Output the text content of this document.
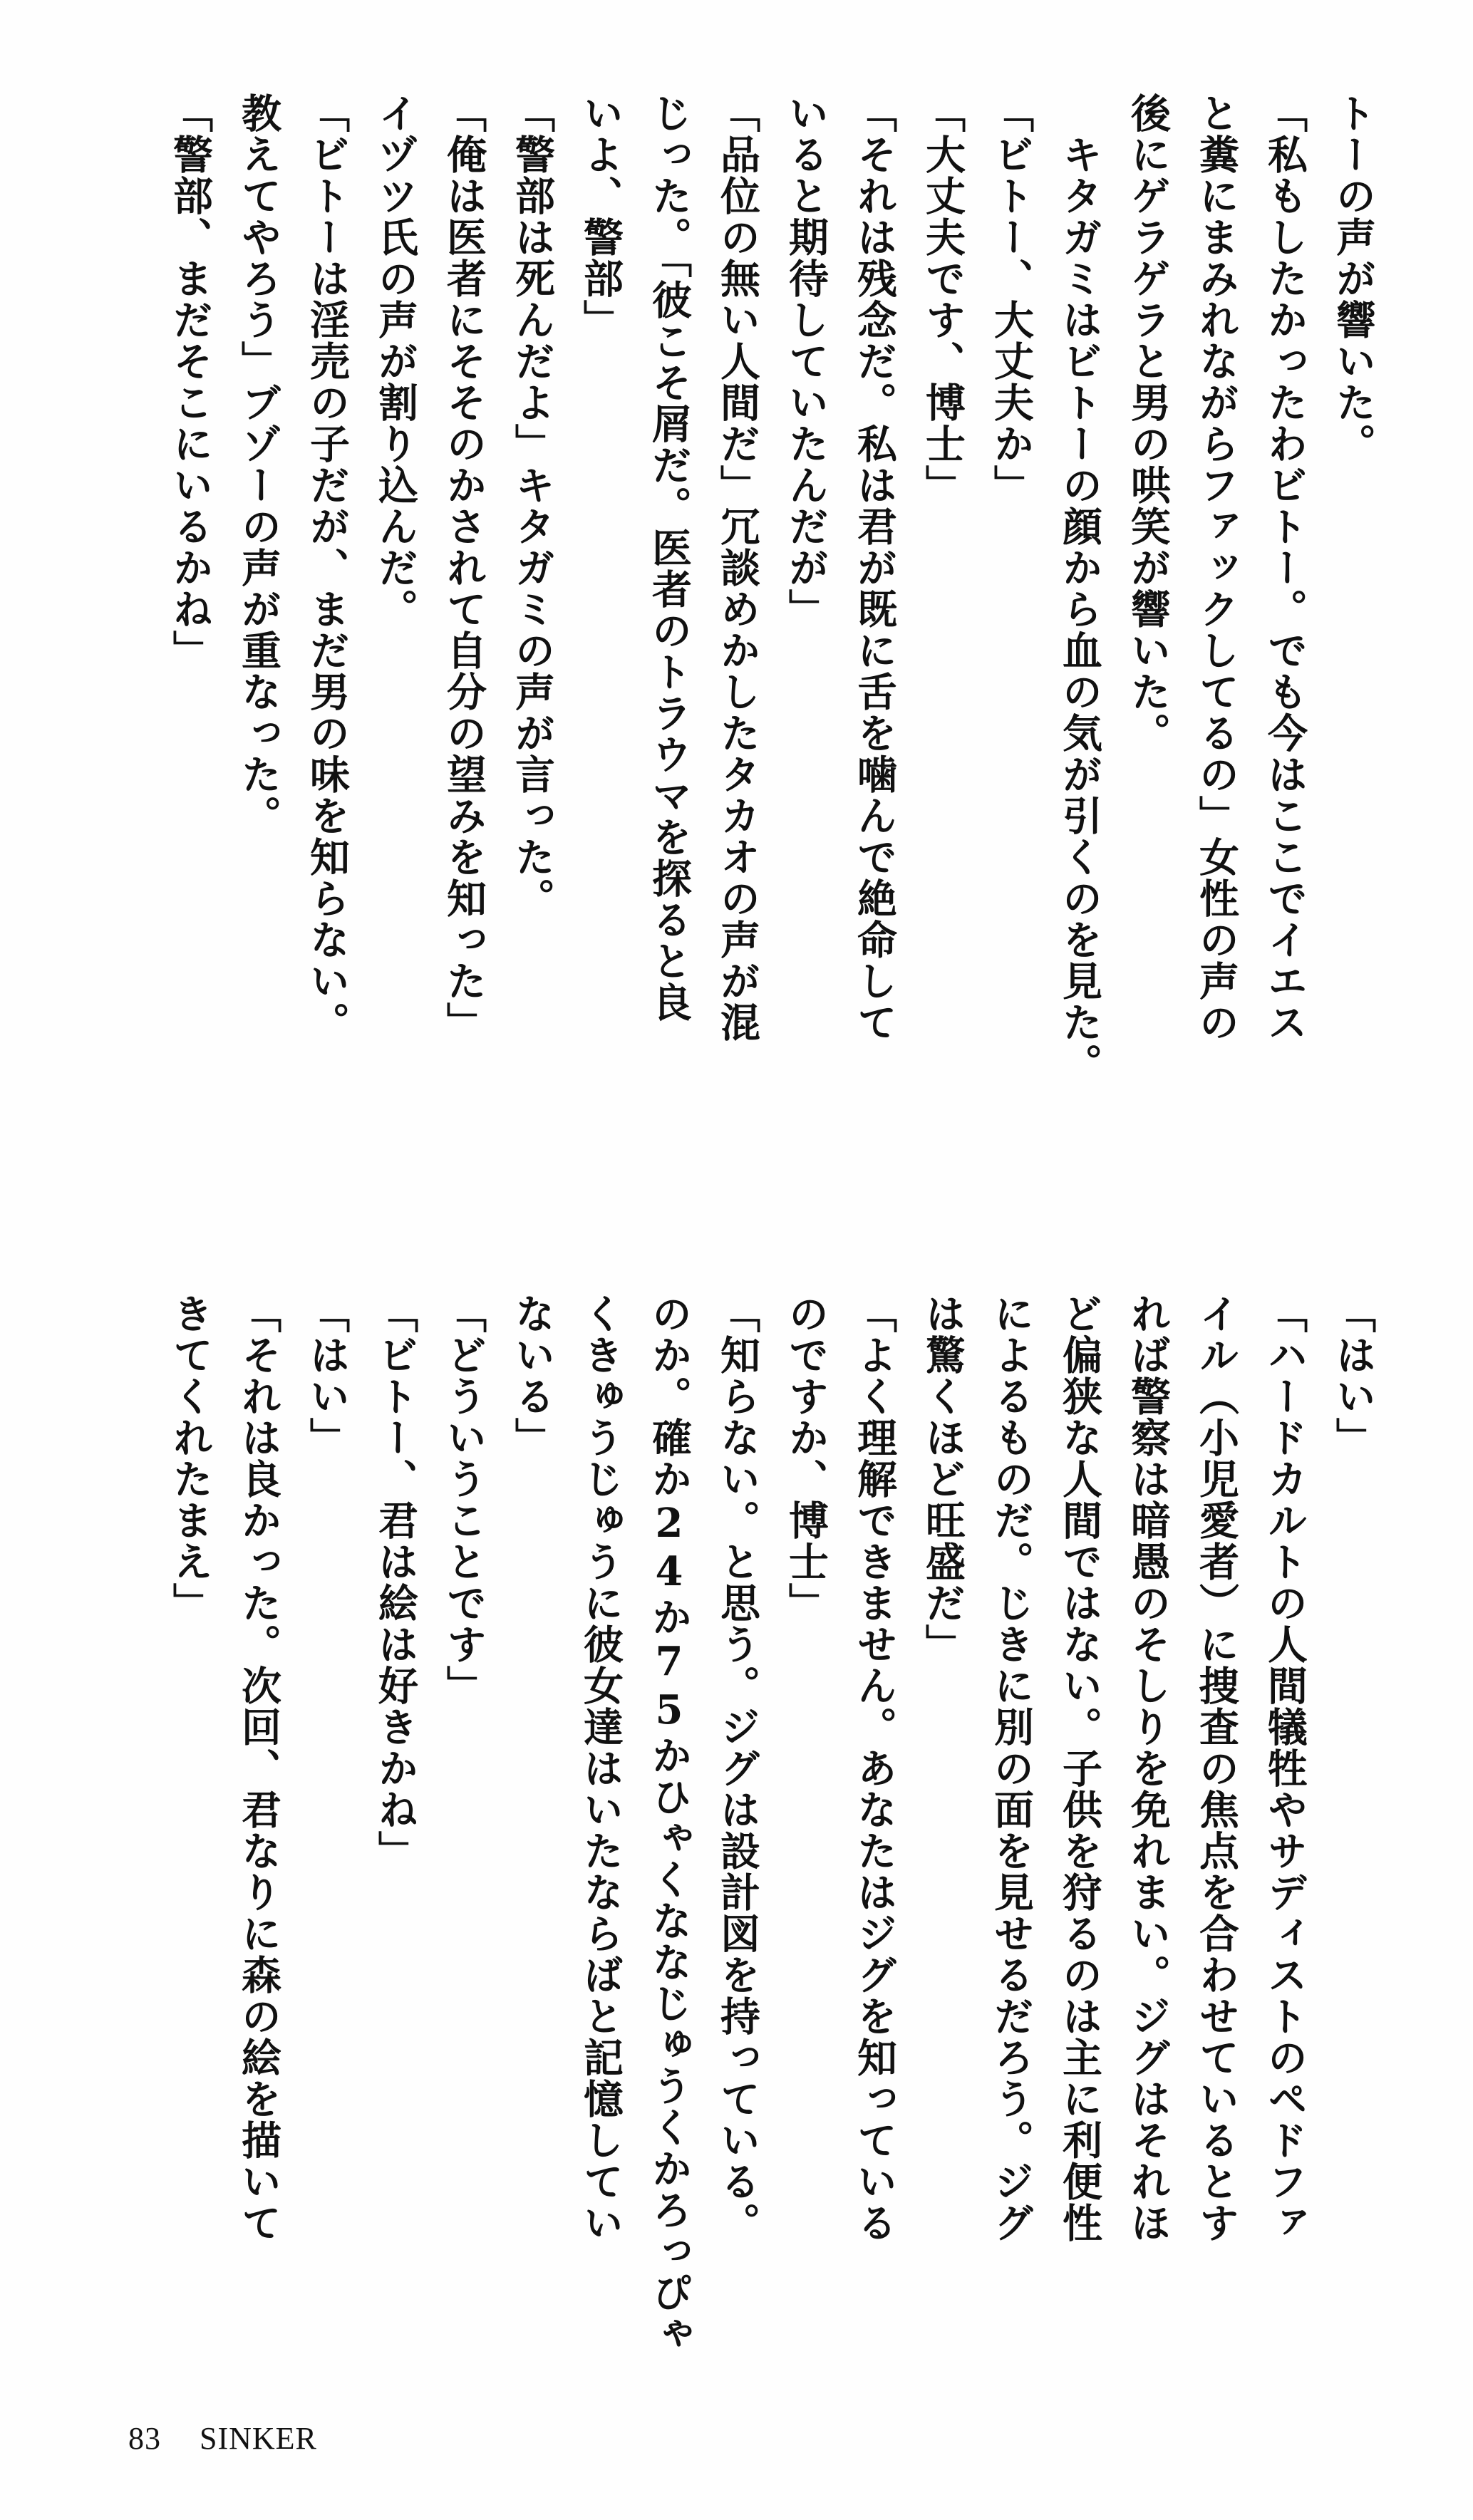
トーの声が響いた。
「私もしたかったわビトー。でも今はここでイエス
と糞にまみれながらファックしてるの」女性の声の
後にゲラゲラと男の哄笑が響いた。
　キタガミはビトーの顔から血の気が引くのを見た。
「ビトー、大丈夫か」
「大丈夫です、博士」
「それは残念だ。私は君が既に舌を噛んで絶命して
いると期待していたんだが」
「品位の無い人間だ」冗談めかしたタカオの声が混
じった。「彼こそ屑だ。医者のトラウマを探ると良
いよ、警部」
「警部は死んだよ」キタガミの声が言った。
「俺は医者にそそのかされて自分の望みを知った」
イヅツ氏の声が割り込んだ。
「ビトーは淫売の子だが、まだ男の味を知らない。
教えてやろう」ブゾーの声が重なった。
「警部、まだそこにいるかね」
「はい」
「ハードカルトの人間犠牲やサディストのペドファ
イル（小児愛者）に捜査の焦点を合わせているとす
れば警察は暗愚のそしりを免れまい。ジグはそれほ
ど偏狭な人間ではない。子供を狩るのは主に利便性
によるものだ。じきに別の面を見せるだろう。ジグ
は驚くほど旺盛だ」
「よく理解できません。あなたはジグを知っている
のですか、博士」
「知らない。と思う。ジグは設計図を持っている。
のか。確か24か75かひゃくななじゅうくかろっぴゃ
くきゅうじゅうに彼女達はいたならばと記憶してい
ないる」
「どういうことです」
「ビトー、君は絵は好きかね」
「はい」
「それは良かった。次回、君なりに森の絵を描いて
きてくれたまえ」
83 SINKER
